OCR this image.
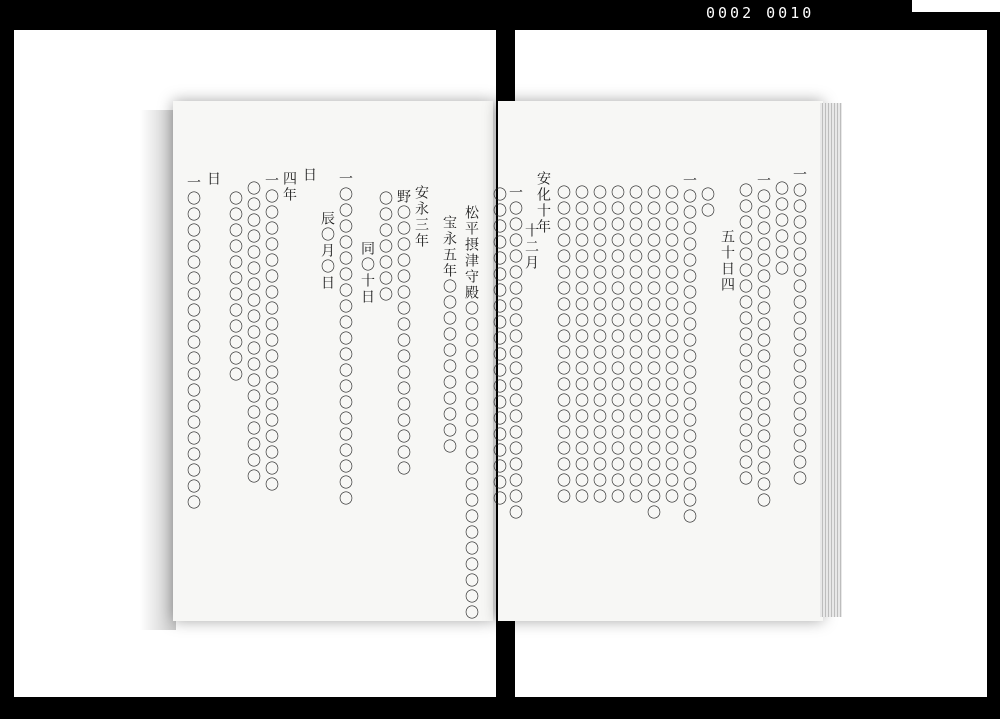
0002 0010
松平摂津守殿〇〇〇〇〇〇〇〇〇〇〇〇〇〇〇〇〇〇〇〇
宝永五年〇〇〇〇〇〇〇〇〇〇〇
安永三年
野〇〇〇〇〇〇〇〇〇〇〇〇〇〇〇〇〇
〇〇〇〇〇〇〇
同〇十日
一〇〇〇〇〇〇〇〇〇〇〇〇〇〇〇〇〇〇〇〇
辰〇月〇日
日
四年
一〇〇〇〇〇〇〇〇〇〇〇〇〇〇〇〇〇〇〇
〇〇〇〇〇〇〇〇〇〇〇〇〇〇〇〇〇〇〇
〇〇〇〇〇〇〇〇〇〇〇〇
日
一〇〇〇〇〇〇〇〇〇〇〇〇〇〇〇〇〇〇〇〇	一〇〇〇〇〇〇〇〇〇〇〇〇〇〇〇〇〇〇〇
〇〇〇〇〇〇
一〇〇〇〇〇〇〇〇〇〇〇〇〇〇〇〇〇〇〇〇
〇〇〇〇〇〇〇〇〇〇〇〇〇〇〇〇〇〇〇
五十日四
〇〇
一〇〇〇〇〇〇〇〇〇〇〇〇〇〇〇〇〇〇〇〇〇
〇〇〇〇〇〇〇〇〇〇〇〇〇〇〇〇〇〇〇〇
〇〇〇〇〇〇〇〇〇〇〇〇〇〇〇〇〇〇〇〇〇
〇〇〇〇〇〇〇〇〇〇〇〇〇〇〇〇〇〇〇〇
〇〇〇〇〇〇〇〇〇〇〇〇〇〇〇〇〇〇〇〇
〇〇〇〇〇〇〇〇〇〇〇〇〇〇〇〇〇〇〇〇
〇〇〇〇〇〇〇〇〇〇〇〇〇〇〇〇〇〇〇〇
〇〇〇〇〇〇〇〇〇〇〇〇〇〇〇〇〇〇〇〇
安化十年
十二月
一〇〇〇〇〇〇〇〇〇〇〇〇〇〇〇〇〇〇〇〇
〇〇〇〇〇〇〇〇〇〇〇〇〇〇〇〇〇〇〇〇
